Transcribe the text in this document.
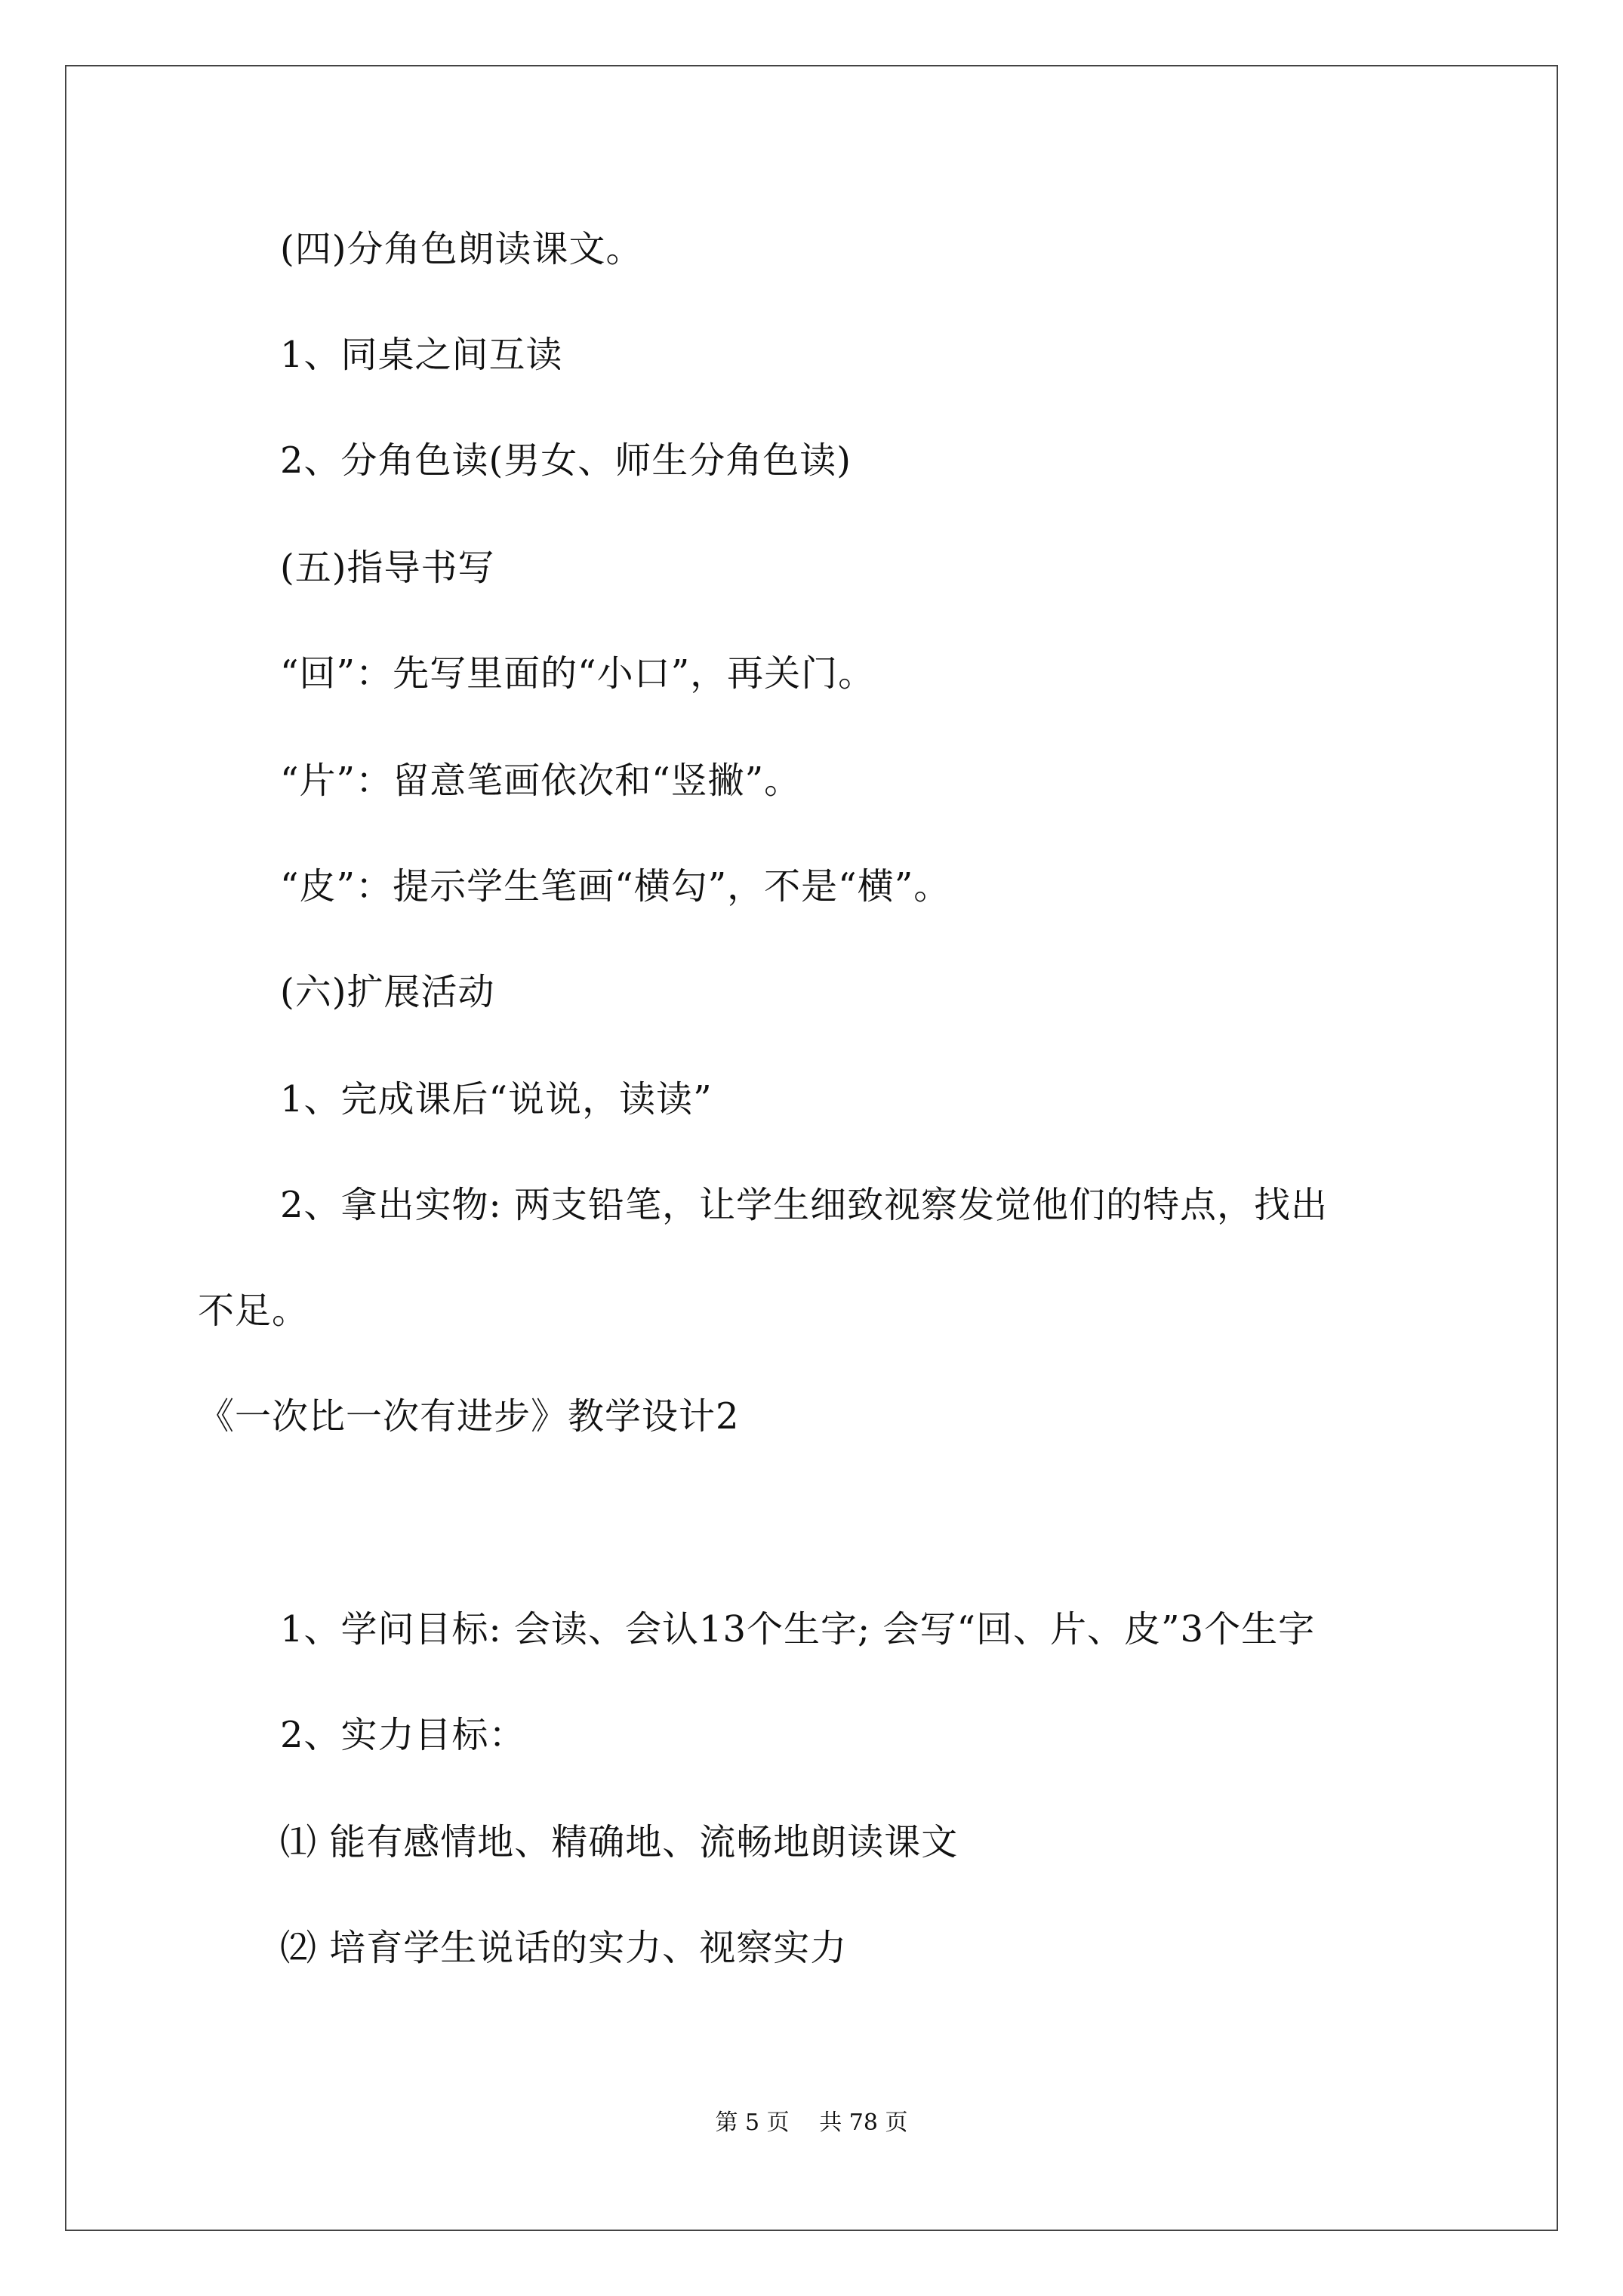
(四)分角色朗读课文。
1、同桌之间互读
2、分角色读(男女、师生分角色读)
(五)指导书写
“回”：先写里面的“小口”，再关门。
“片”：留意笔画依次和“竖撇”。
“皮”：提示学生笔画“横勾”，不是“横”。
(六)扩展活动
1、完成课后“说说，读读”
2、拿出实物: 两支铅笔，让学生细致视察发觉他们的特点，找出
不足。
《一次比一次有进步》教学设计2
1、学问目标: 会读、会认13个生字; 会写“回、片、皮”3个生字
2、实力目标：
⑴ 能有感情地、精确地、流畅地朗读课文
⑵ 培育学生说话的实力、视察实力
第 5 页　 共 78 页
